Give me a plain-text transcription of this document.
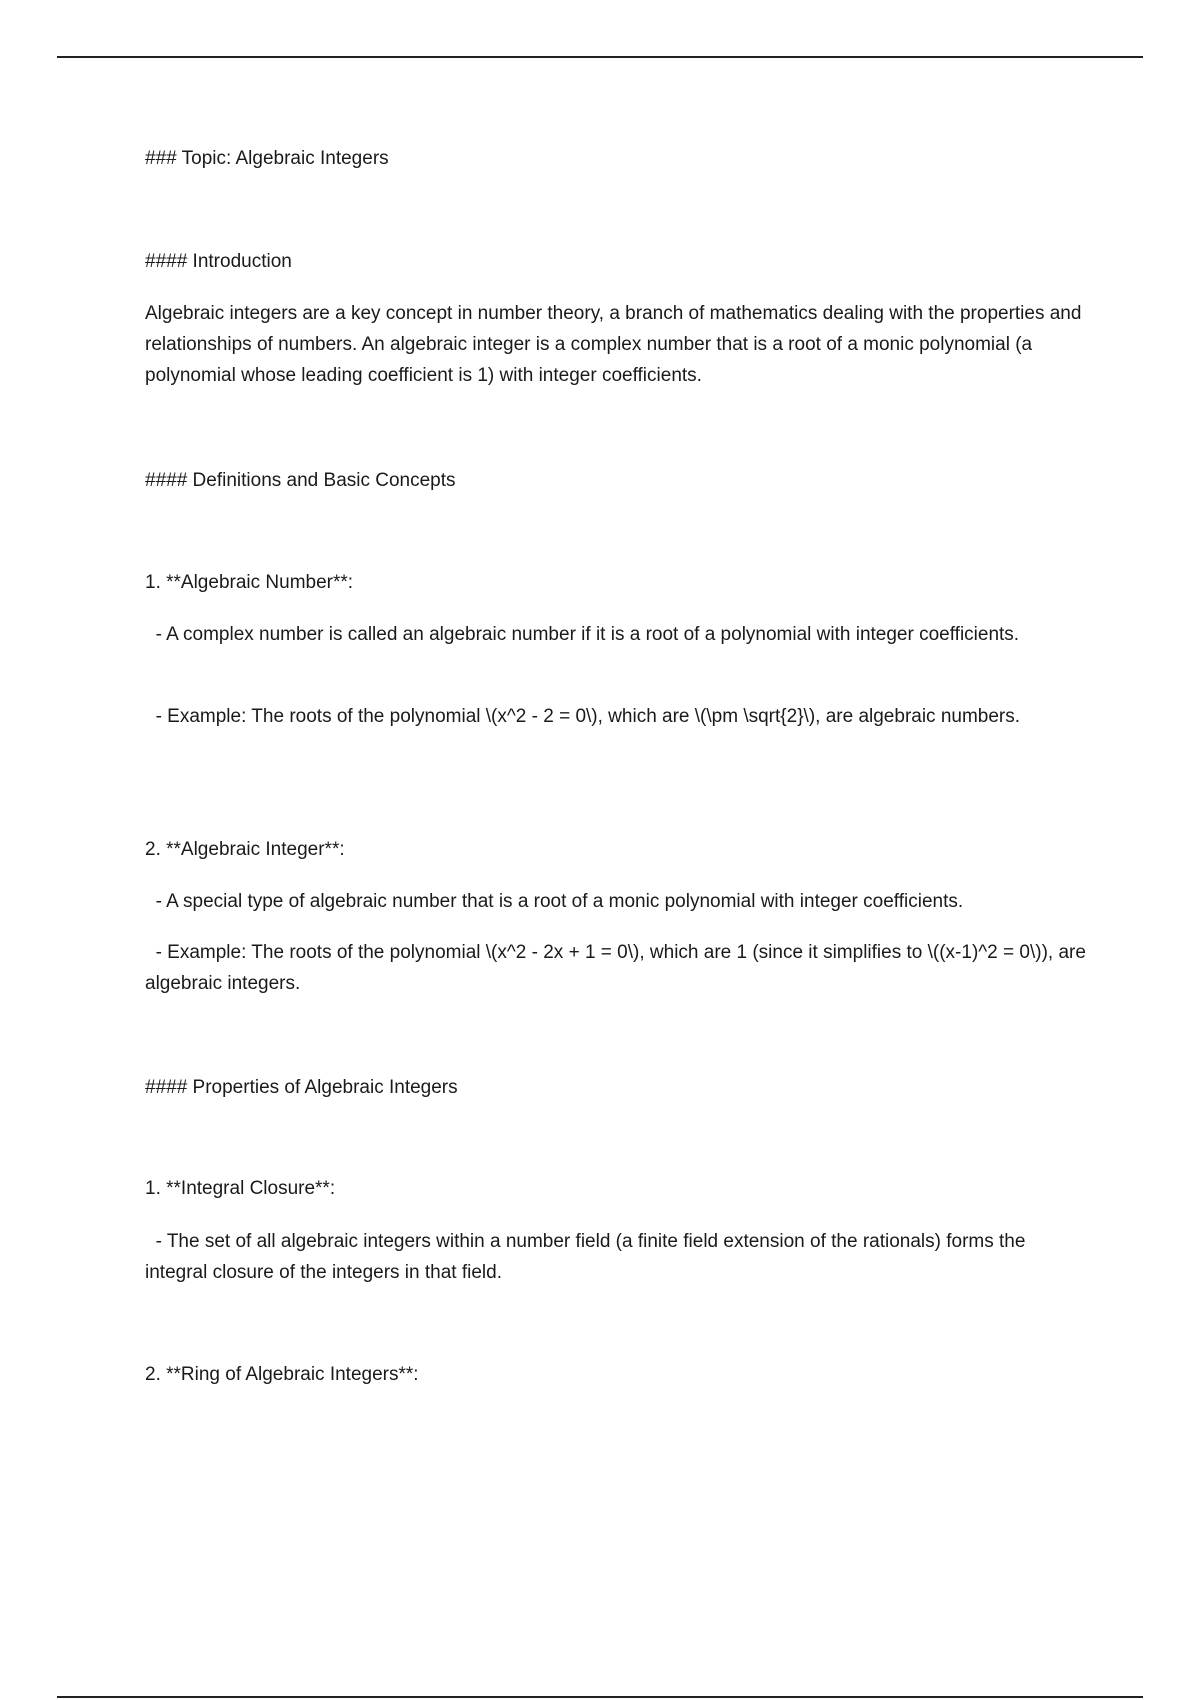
### Topic: Algebraic Integers

#### Introduction

Algebraic integers are a key concept in number theory, a branch of mathematics dealing with the properties and relationships of numbers. An algebraic integer is a complex number that is a root of a monic polynomial (a polynomial whose leading coefficient is 1) with integer coefficients.

#### Definitions and Basic Concepts

1. **Algebraic Number**:

- A complex number is called an algebraic number if it is a root of a polynomial with integer coefficients.

- Example: The roots of the polynomial \(x^2 - 2 = 0\), which are \(\pm \sqrt{2}\), are algebraic numbers.

2. **Algebraic Integer**:

- A special type of algebraic number that is a root of a monic polynomial with integer coefficients.

- Example: The roots of the polynomial \(x^2 - 2x + 1 = 0\), which are 1 (since it simplifies to \((x-1)^2 = 0\)), are algebraic integers.

#### Properties of Algebraic Integers

1. **Integral Closure**:

- The set of all algebraic integers within a number field (a finite field extension of the rationals) forms the integral closure of the integers in that field.

2. **Ring of Algebraic Integers**:
